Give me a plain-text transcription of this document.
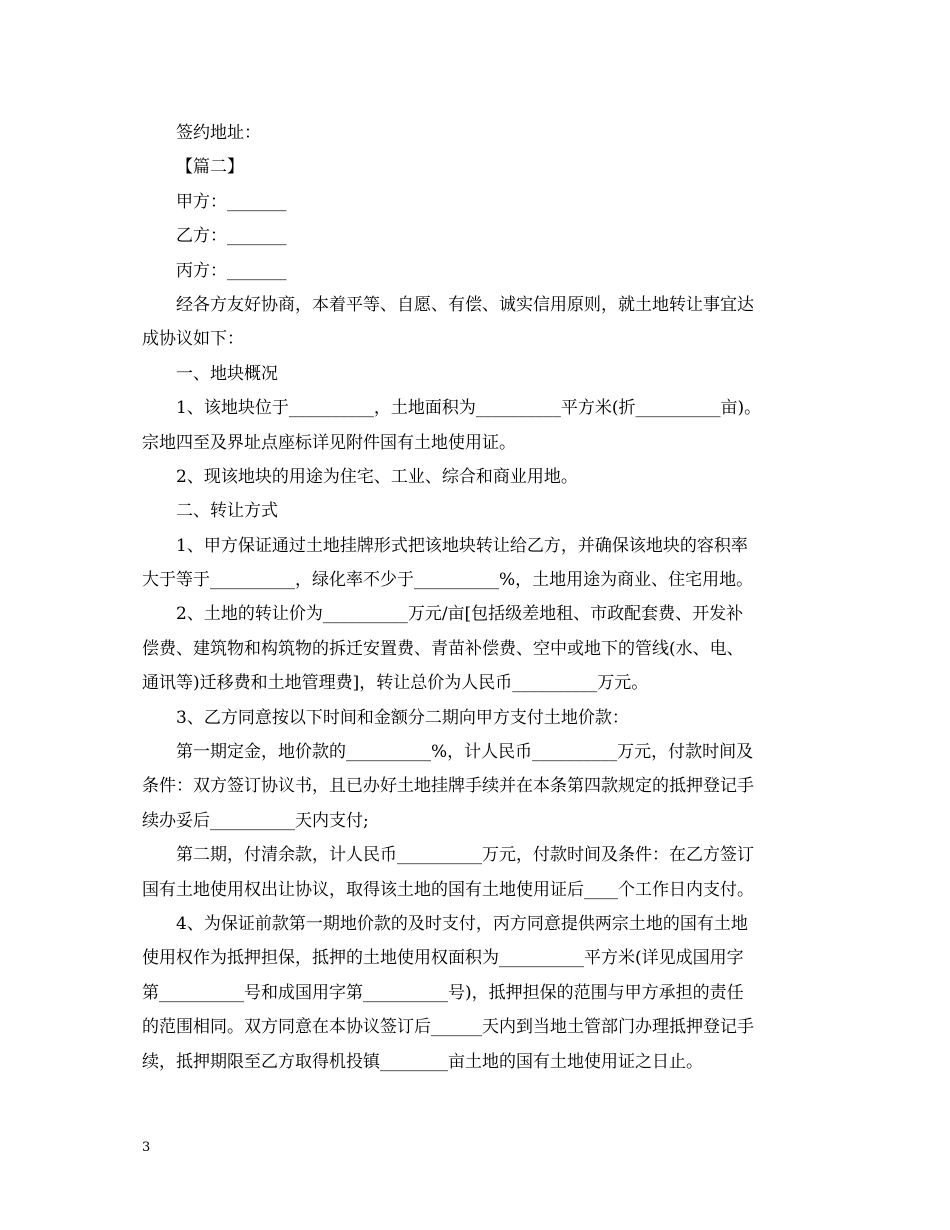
签约地址：
【篇二】
甲方：_______
乙方：_______
丙方：_______
经各方友好协商，本着平等、自愿、有偿、诚实信用原则，就土地转让事宜达
成协议如下：
一、地块概况
1、该地块位于__________，土地面积为__________平方米(折__________亩)。
宗地四至及界址点座标详见附件国有土地使用证。
2、现该地块的用途为住宅、工业、综合和商业用地。
二、转让方式
1、甲方保证通过土地挂牌形式把该地块转让给乙方，并确保该地块的容积率
大于等于__________，绿化率不少于__________%，土地用途为商业、住宅用地。
2、土地的转让价为__________万元/亩[包括级差地租、市政配套费、开发补
偿费、建筑物和构筑物的拆迁安置费、青苗补偿费、空中或地下的管线(水、电、
通讯等)迁移费和土地管理费]，转让总价为人民币__________万元。
3、乙方同意按以下时间和金额分二期向甲方支付土地价款：
第一期定金，地价款的__________%，计人民币__________万元，付款时间及
条件：双方签订协议书，且已办好土地挂牌手续并在本条第四款规定的抵押登记手
续办妥后__________天内支付;
第二期，付清余款，计人民币__________万元，付款时间及条件：在乙方签订
国有土地使用权出让协议，取得该土地的国有土地使用证后____个工作日内支付。
4、为保证前款第一期地价款的及时支付，丙方同意提供两宗土地的国有土地
使用权作为抵押担保，抵押的土地使用权面积为__________平方米(详见成国用字
第__________号和成国用字第__________号)，抵押担保的范围与甲方承担的责任
的范围相同。双方同意在本协议签订后______天内到当地土管部门办理抵押登记手
续，抵押期限至乙方取得机投镇________亩土地的国有土地使用证之日止。
3
